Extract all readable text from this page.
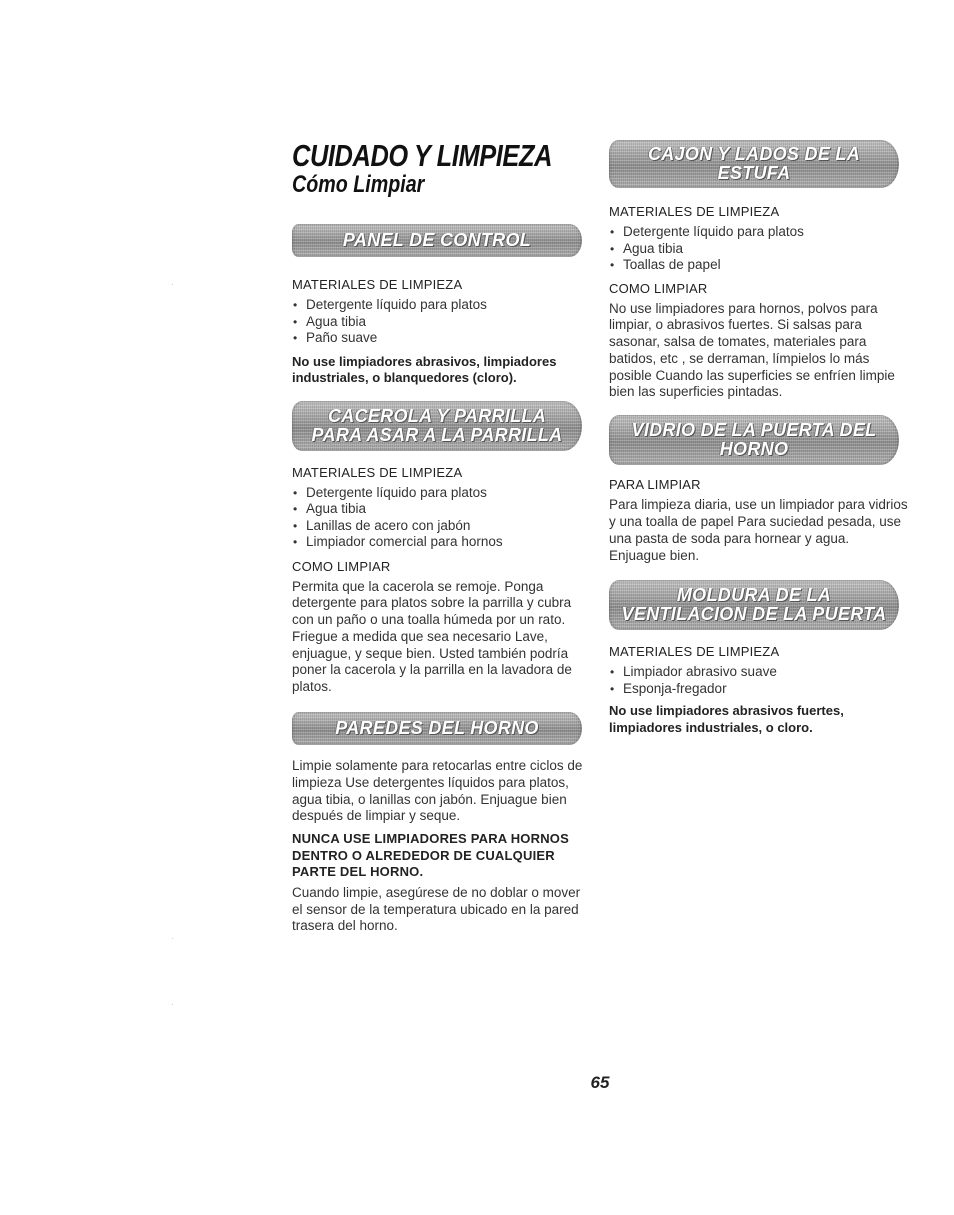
CUIDADO Y LIMPIEZA
Cómo Limpiar
PANEL DE CONTROL

MATERIALES DE LIMPIEZA

• Detergente líquido para platos
• Agua tibia
• Paño suave

No use limpiadores abrasivos, limpiadores industriales, o blanquedores (cloro).

CACEROLA Y PARRILLA
PARA ASAR A LA PARRILLA

MATERIALES DE LIMPIEZA

• Detergente líquido para platos
• Agua tibia
• Lanillas de acero con jabón
• Limpiador comercial para hornos

COMO LIMPIAR

Permita que la cacerola se remoje. Ponga detergente para platos sobre la parrilla y cubra con un paño o una toalla húmeda por un rato. Friegue a medida que sea necesario Lave, enjuague, y seque bien. Usted también podría poner la cacerola y la parrilla en la lavadora de platos.

PAREDES DEL HORNO

Limpie solamente para retocarlas entre ciclos de limpieza Use detergentes líquidos para platos, agua tibia, o lanillas con jabón. Enjuague bien después de limpiar y seque.

NUNCA USE LIMPIADORES PARA HORNOS DENTRO O ALREDEDOR DE CUALQUIER PARTE DEL HORNO.

Cuando limpie, asegúrese de no doblar o mover el sensor de la temperatura ubicado en la pared trasera del horno.

CAJON Y LADOS DE LA
ESTUFA

MATERIALES DE LIMPIEZA

• Detergente líquido para platos
• Agua tibia
• Toallas de papel

COMO LIMPIAR

No use limpiadores para hornos, polvos para limpiar, o abrasivos fuertes. Si salsas para sasonar, salsa de tomates, materiales para batidos, etc , se derraman, límpielos lo más posible Cuando las superficies se enfríen limpie bien las superficies pintadas.

VIDRIO DE LA PUERTA DEL
HORNO

PARA LIMPIAR

Para limpieza diaria, use un limpiador para vidrios y una toalla de papel Para suciedad pesada, use una pasta de soda para hornear y agua. Enjuague bien.

MOLDURA DE LA
VENTILACION DE LA PUERTA

MATERIALES DE LIMPIEZA

• Limpiador abrasivo suave
• Esponja-fregador

No use limpiadores abrasivos fuertes, limpiadores industriales, o cloro.

65
